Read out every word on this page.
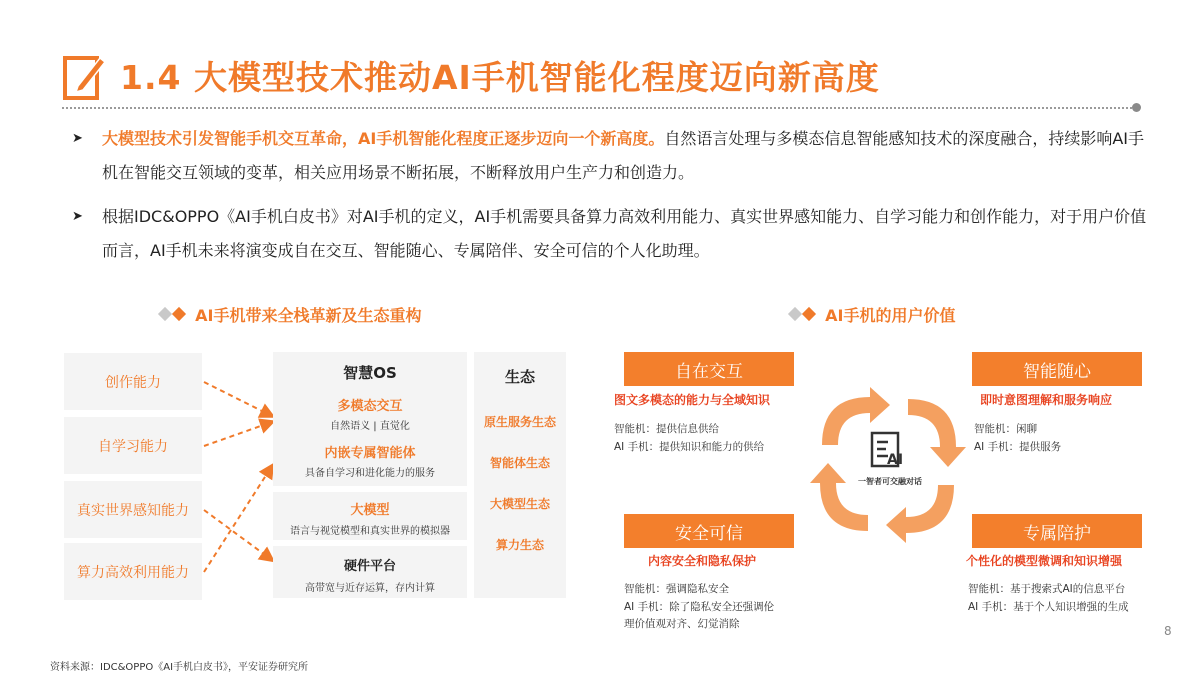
1.4 大模型技术推动AI手机智能化程度迈向新高度
➤	大模型技术引发智能手机交互革命，AI手机智能化程度正逐步迈向一个新高度。自然语言处理与多模态信息智能感知技术的深度融合，持续影响AI手机在智能交互领域的变革，相关应用场景不断拓展，不断释放用户生产力和创造力。
➤	根据IDC&OPPO《AI手机白皮书》对AI手机的定义，AI手机需要具备算力高效利用能力、真实世界感知能力、自学习能力和创作能力，对于用户价值而言，AI手机未来将演变成自在交互、智能随心、专属陪伴、安全可信的个人化助理。
AI手机带来全栈革新及生态重构
创作能力
自学习能力
真实世界感知能力
算力高效利用能力
智慧OS
多模态交互
自然语义 | 直觉化
内嵌专属智能体
具备自学习和进化能力的服务
大模型
语言与视觉模型和真实世界的模拟器
硬件平台
高带宽与近存运算，存内计算
生态
原生服务生态
智能体生态
大模型生态
算力生态
AI手机的用户价值
AI
一智者可交融对话
自在交互
图文多模态的能力与全域知识
智能机：提供信息供给
AI 手机：提供知识和能力的供给
智能随心
即时意图理解和服务响应
智能机：闲聊
AI 手机：提供服务
安全可信
内容安全和隐私保护
智能机：强调隐私安全
AI 手机：除了隐私安全还强调伦
理价值观对齐、幻觉消除
专属陪护
个性化的模型微调和知识增强
智能机：基于搜索式AI的信息平台
AI 手机：基于个人知识增强的生成
8
资料来源：IDC&OPPO《AI手机白皮书》，平安证券研究所
